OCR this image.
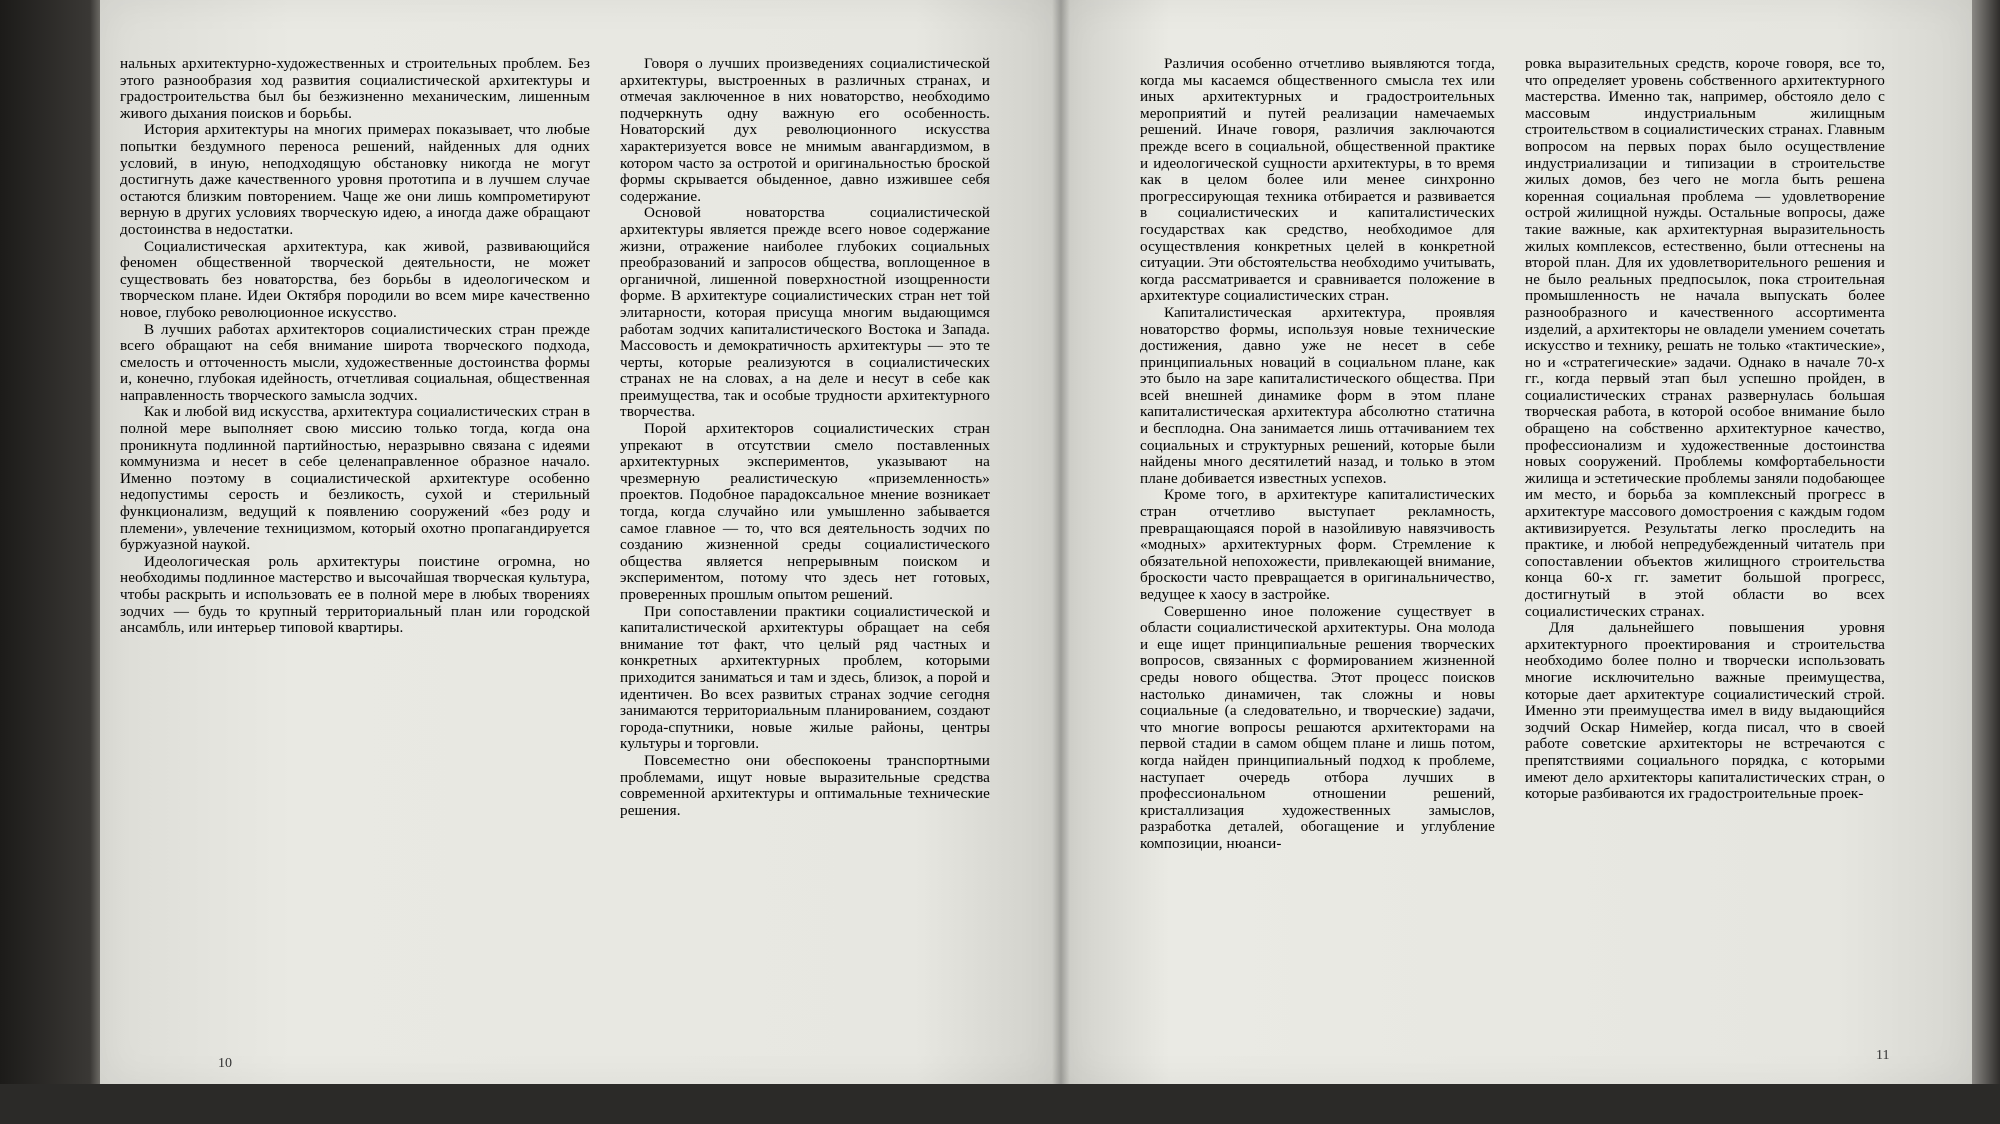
нальных архитектурно-художественных и строительных проблем. Без этого разнообразия ход развития социалистической архитектуры и градостроительства был бы безжизненно механическим, лишенным живого дыхания поисков и борьбы.

История архитектуры на многих примерах показывает, что любые попытки бездумного переноса решений, найденных для одних условий, в иную, неподходящую обстановку никогда не могут достигнуть даже качественного уровня прототипа и в лучшем случае остаются близким повторением. Чаще же они лишь компрометируют верную в других условиях творческую идею, а иногда даже обращают достоинства в недостатки.

Социалистическая архитектура, как живой, развивающийся феномен общественной творческой деятельности, не может существовать без новаторства, без борьбы в идеологическом и творческом плане. Идеи Октября породили во всем мире качественно новое, глубоко революционное искусство.

В лучших работах архитекторов социалистических стран прежде всего обращают на себя внимание широта творческого подхода, смелость и отточенность мысли, художественные достоинства формы и, конечно, глубокая идейность, отчетливая социальная, общественная направленность творческого замысла зодчих.

Как и любой вид искусства, архитектура социалистических стран в полной мере выполняет свою миссию только тогда, когда она проникнута подлинной партийностью, неразрывно связана с идеями коммунизма и несет в себе целенаправленное образное начало. Именно поэтому в социалистической архитектуре особенно недопустимы серость и безликость, сухой и стерильный функционализм, ведущий к появлению сооружений «без роду и племени», увлечение техницизмом, который охотно пропагандируется буржуазной наукой.

Идеологическая роль архитектуры поистине огромна, но необходимы подлинное мастерство и высочайшая творческая культура, чтобы раскрыть и использовать ее в полной мере в любых творениях зодчих — будь то крупный территориальный план или городской ансамбль, или интерьер типовой квартиры.

Говоря о лучших произведениях социалистической архитектуры, выстроенных в различных странах, и отмечая заключенное в них новаторство, необходимо подчеркнуть одну важную его особенность. Новаторский дух революционного искусства характеризуется вовсе не мнимым авангардизмом, в котором часто за остротой и оригинальностью броской формы скрывается обыденное, давно изжившее себя содержание.

Основой новаторства социалистической архитектуры является прежде всего новое содержание жизни, отражение наиболее глубоких социальных преобразований и запросов общества, воплощенное в органичной, лишенной поверхностной изощренности форме. В архитектуре социалистических стран нет той элитарности, которая присуща многим выдающимся работам зодчих капиталистического Востока и Запада. Массовость и демократичность архитектуры — это те черты, которые реализуются в социалистических странах не на словах, а на деле и несут в себе как преимущества, так и особые трудности архитектурного творчества.

Порой архитекторов социалистических стран упрекают в отсутствии смело поставленных архитектурных экспериментов, указывают на чрезмерную реалистическую «приземленность» проектов. Подобное парадоксальное мнение возникает тогда, когда случайно или умышленно забывается самое главное — то, что вся деятельность зодчих по созданию жизненной среды социалистического общества является непрерывным поиском и экспериментом, потому что здесь нет готовых, проверенных прошлым опытом решений.

При сопоставлении практики социалистической и капиталистической архитектуры обращает на себя внимание тот факт, что целый ряд частных и конкретных архитектурных проблем, которыми приходится заниматься и там и здесь, близок, а порой и идентичен. Во всех развитых странах зодчие сегодня занимаются территориальным планированием, создают города-спутники, новые жилые районы, центры культуры и торговли.

Повсеместно они обеспокоены транспортными проблемами, ищут новые выразительные средства современной архитектуры и оптимальные технические решения.

Различия особенно отчетливо выявляются тогда, когда мы касаемся общественного смысла тех или иных архитектурных и градостроительных мероприятий и путей реализации намечаемых решений. Иначе говоря, различия заключаются прежде всего в социальной, общественной практике и идеологической сущности архитектуры, в то время как в целом более или менее синхронно прогрессирующая техника отбирается и развивается в социалистических и капиталистических государствах как средство, необходимое для осуществления конкретных целей в конкретной ситуации. Эти обстоятельства необходимо учитывать, когда рассматривается и сравнивается положение в архитектуре социалистических стран.

Капиталистическая архитектура, проявляя новаторство формы, используя новые технические достижения, давно уже не несет в себе принципиальных новаций в социальном плане, как это было на заре капиталистического общества. При всей внешней динамике форм в этом плане капиталистическая архитектура абсолютно статична и бесплодна. Она занимается лишь оттачиванием тех социальных и структурных решений, которые были найдены много десятилетий назад, и только в этом плане добивается известных успехов.

Кроме того, в архитектуре капиталистических стран отчетливо выступает рекламность, превращающаяся порой в назойливую навязчивость «модных» архитектурных форм. Стремление к обязательной непохожести, привлекающей внимание, броскости часто превращается в оригинальничество, ведущее к хаосу в застройке.

Совершенно иное положение существует в области социалистической архитектуры. Она молода и еще ищет принципиальные решения творческих вопросов, связанных с формированием жизненной среды нового общества. Этот процесс поисков настолько динамичен, так сложны и новы социальные (а следовательно, и творческие) задачи, что многие вопросы решаются архитекторами на первой стадии в самом общем плане и лишь потом, когда найден принципиальный подход к проблеме, наступает очередь отбора лучших в профессиональном отношении решений, кристаллизация художественных замыслов, разработка деталей, обогащение и углубление композиции, нюанси-

ровка выразительных средств, короче говоря, все то, что определяет уровень собственного архитектурного мастерства. Именно так, например, обстояло дело с массовым индустриальным жилищным строительством в социалистических странах. Главным вопросом на первых порах было осуществление индустриализации и типизации в строительстве жилых домов, без чего не могла быть решена коренная социальная проблема — удовлетворение острой жилищной нужды. Остальные вопросы, даже такие важные, как архитектурная выразительность жилых комплексов, естественно, были оттеснены на второй план. Для их удовлетворительного решения и не было реальных предпосылок, пока строительная промышленность не начала выпускать более разнообразного и качественного ассортимента изделий, а архитекторы не овладели умением сочетать искусство и технику, решать не только «тактические», но и «стратегические» задачи. Однако в начале 70-х гг., когда первый этап был успешно пройден, в социалистических странах развернулась большая творческая работа, в которой особое внимание было обращено на собственно архитектурное качество, профессионализм и художественные достоинства новых сооружений. Проблемы комфортабельности жилища и эстетические проблемы заняли подобающее им место, и борьба за комплексный прогресс в архитектуре массового домостроения с каждым годом активизируется. Результаты легко проследить на практике, и любой непредубежденный читатель при сопоставлении объектов жилищного строительства конца 60-х гг. заметит большой прогресс, достигнутый в этой области во всех социалистических странах.

Для дальнейшего повышения уровня архитектурного проектирования и строительства необходимо более полно и творчески использовать многие исключительно важные преимущества, которые дает архитектуре социалистический строй. Именно эти преимущества имел в виду выдающийся зодчий Оскар Нимейер, когда писал, что в своей работе советские архитекторы не встречаются с препятствиями социального порядка, с которыми имеют дело архитекторы капиталистических стран, о которые разбиваются их градостроительные проек-

10
11
